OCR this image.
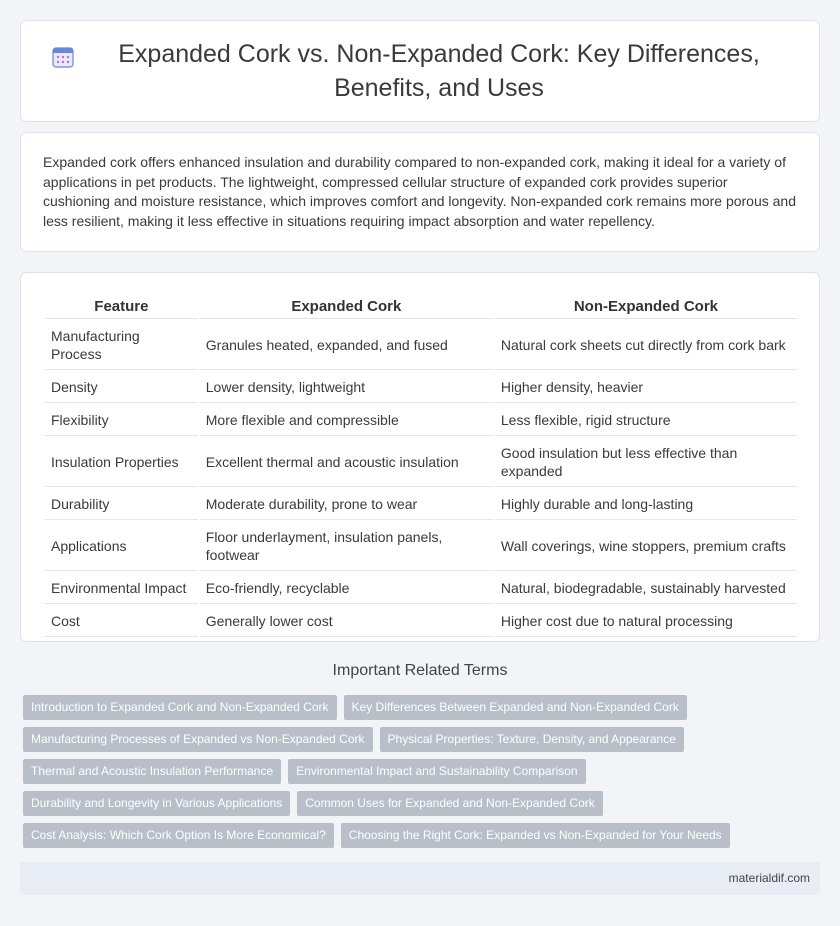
Expanded Cork vs. Non-Expanded Cork: Key Differences, Benefits, and Uses

Expanded cork offers enhanced insulation and durability compared to non-expanded cork, making it ideal for a variety of applications in pet products. The lightweight, compressed cellular structure of expanded cork provides superior cushioning and moisture resistance, which improves comfort and longevity. Non-expanded cork remains more porous and less resilient, making it less effective in situations requiring impact absorption and water repellency.

Feature	Expanded Cork	Non-Expanded Cork
Manufacturing Process	Granules heated, expanded, and fused	Natural cork sheets cut directly from cork bark
Density	Lower density, lightweight	Higher density, heavier
Flexibility	More flexible and compressible	Less flexible, rigid structure
Insulation Properties	Excellent thermal and acoustic insulation	Good insulation but less effective than expanded
Durability	Moderate durability, prone to wear	Highly durable and long-lasting
Applications	Floor underlayment, insulation panels, footwear	Wall coverings, wine stoppers, premium crafts
Environmental Impact	Eco-friendly, recyclable	Natural, biodegradable, sustainably harvested
Cost	Generally lower cost	Higher cost due to natural processing
Important Related Terms
Introduction to Expanded Cork and Non-Expanded Cork	Key Differences Between Expanded and Non-Expanded Cork
Manufacturing Processes of Expanded vs Non-Expanded Cork	Physical Properties: Texture, Density, and Appearance
Thermal and Acoustic Insulation Performance	Environmental Impact and Sustainability Comparison
Durability and Longevity in Various Applications	Common Uses for Expanded and Non-Expanded Cork
Cost Analysis: Which Cork Option Is More Economical?	Choosing the Right Cork: Expanded vs Non-Expanded for Your Needs
materialdif.com
